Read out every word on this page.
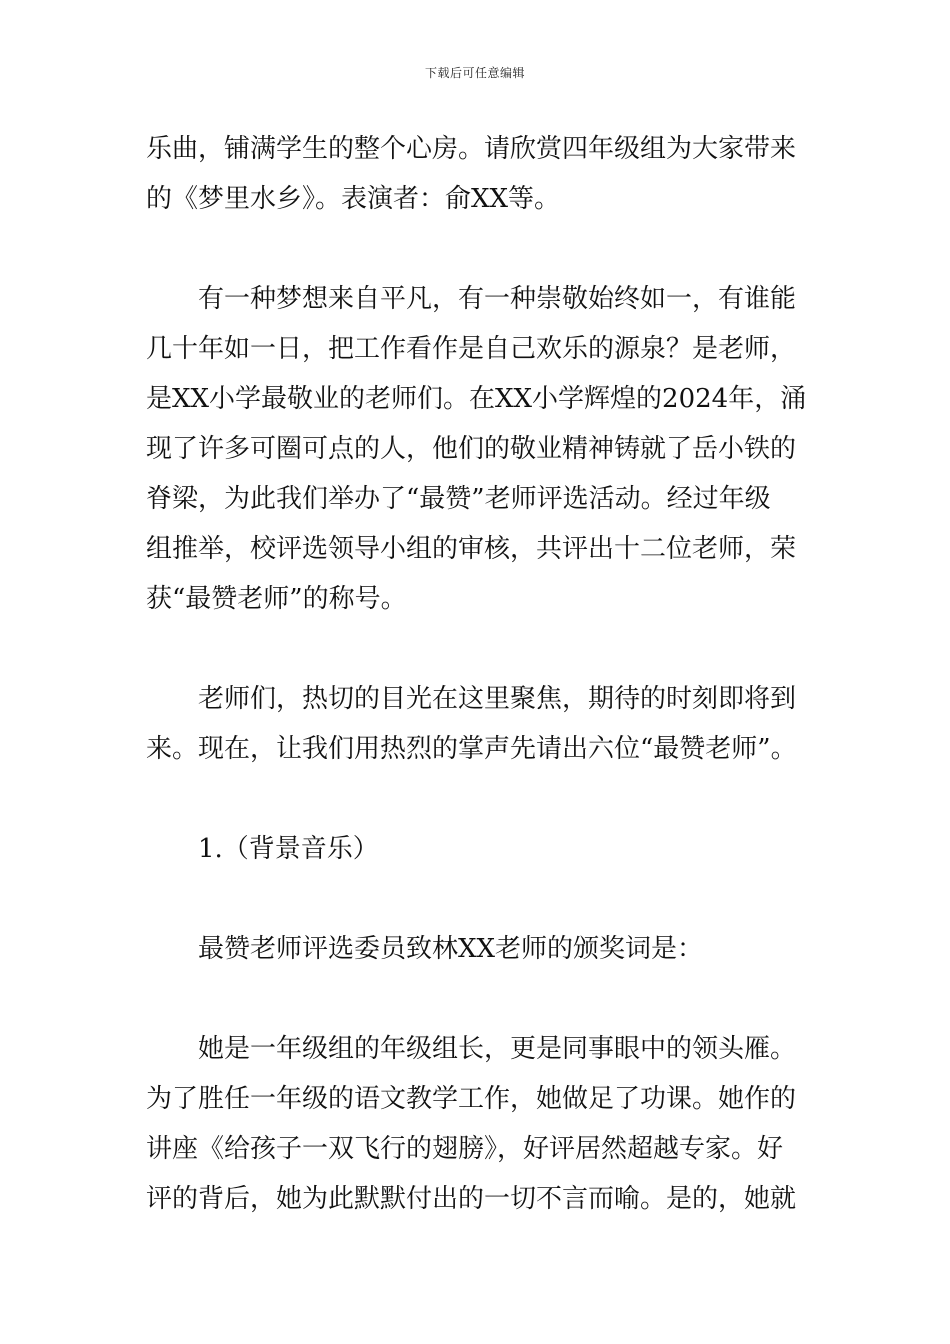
下载后可任意编辑
乐曲，铺满学生的整个心房。请欣赏四年级组为大家带来
的《梦里水乡》。表演者：俞XX等。
有一种梦想来自平凡，有一种崇敬始终如一，有谁能
几十年如一日，把工作看作是自己欢乐的源泉？是老师，
是XX小学最敬业的老师们。在XX小学辉煌的2024年，涌
现了许多可圈可点的人，他们的敬业精神铸就了岳小铁的
脊梁，为此我们举办了“最赞”老师评选活动。经过年级
组推举，校评选领导小组的审核，共评出十二位老师，荣
获“最赞老师”的称号。
老师们，热切的目光在这里聚焦，期待的时刻即将到
来。现在，让我们用热烈的掌声先请出六位“最赞老师”。
1.（背景音乐）
最赞老师评选委员致林XX老师的颁奖词是：
她是一年级组的年级组长，更是同事眼中的领头雁。
为了胜任一年级的语文教学工作，她做足了功课。她作的
讲座《给孩子一双飞行的翅膀》，好评居然超越专家。好
评的背后，她为此默默付出的一切不言而喻。是的，她就
